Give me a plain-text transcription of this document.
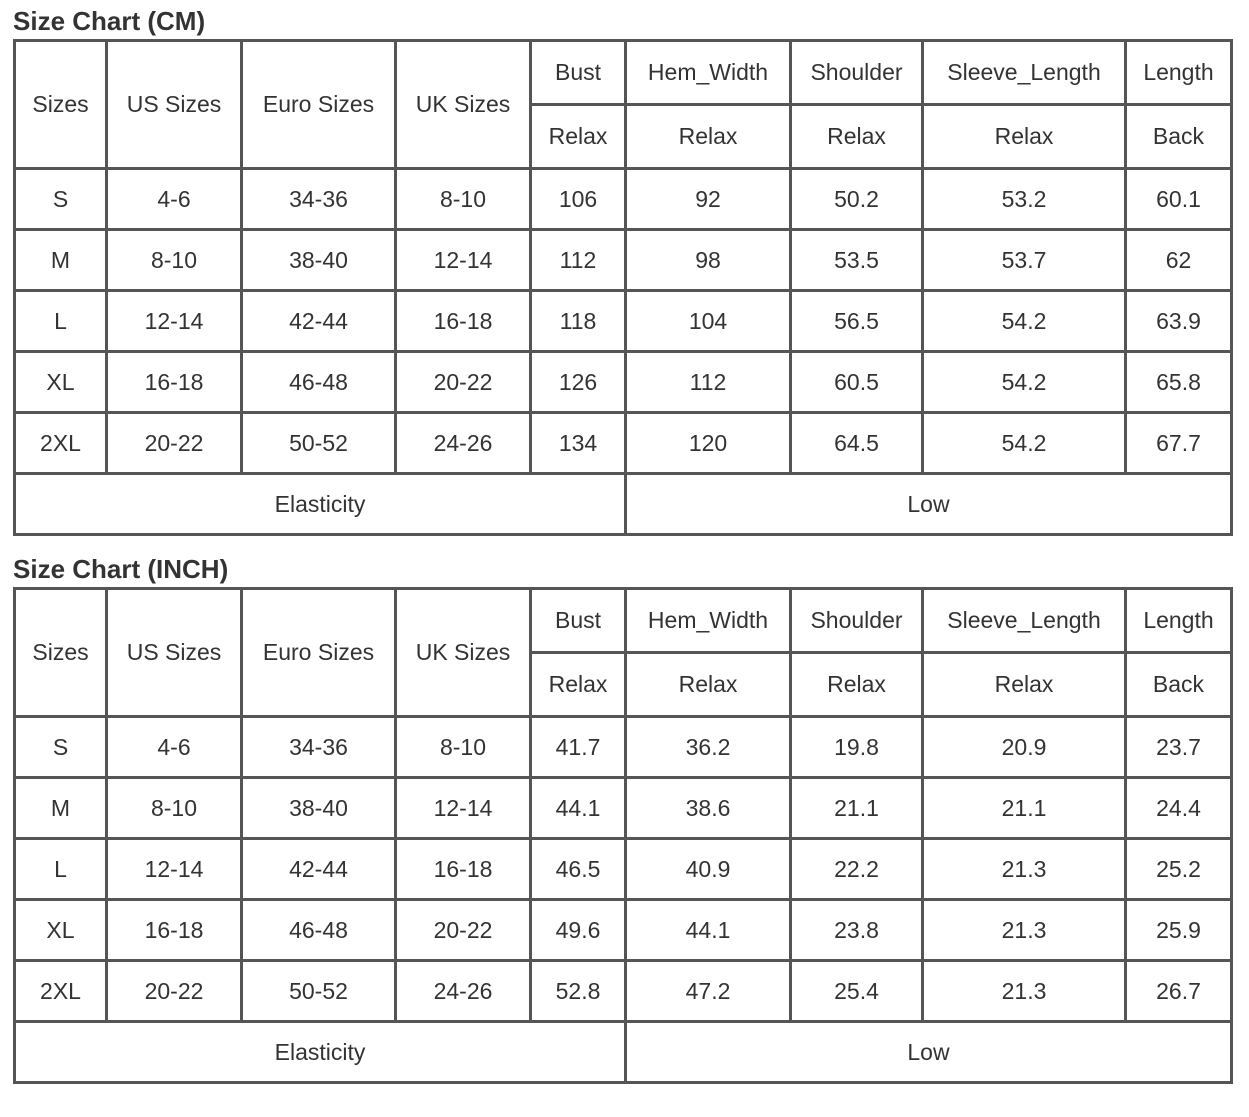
Size Chart (CM)
Sizes	US Sizes	Euro Sizes	UK Sizes	Bust	Hem_Width	Shoulder	Sleeve_Length	Length
				Relax	Relax	Relax	Relax	Back
S	4-6	34-36	8-10	106	92	50.2	53.2	60.1
M	8-10	38-40	12-14	112	98	53.5	53.7	62
L	12-14	42-44	16-18	118	104	56.5	54.2	63.9
XL	16-18	46-48	20-22	126	112	60.5	54.2	65.8
2XL	20-22	50-52	24-26	134	120	64.5	54.2	67.7
Elasticity					Low			
Size Chart (INCH)
Sizes	US Sizes	Euro Sizes	UK Sizes	Bust	Hem_Width	Shoulder	Sleeve_Length	Length
				Relax	Relax	Relax	Relax	Back
S	4-6	34-36	8-10	41.7	36.2	19.8	20.9	23.7
M	8-10	38-40	12-14	44.1	38.6	21.1	21.1	24.4
L	12-14	42-44	16-18	46.5	40.9	22.2	21.3	25.2
XL	16-18	46-48	20-22	49.6	44.1	23.8	21.3	25.9
2XL	20-22	50-52	24-26	52.8	47.2	25.4	21.3	26.7
Elasticity					Low			
